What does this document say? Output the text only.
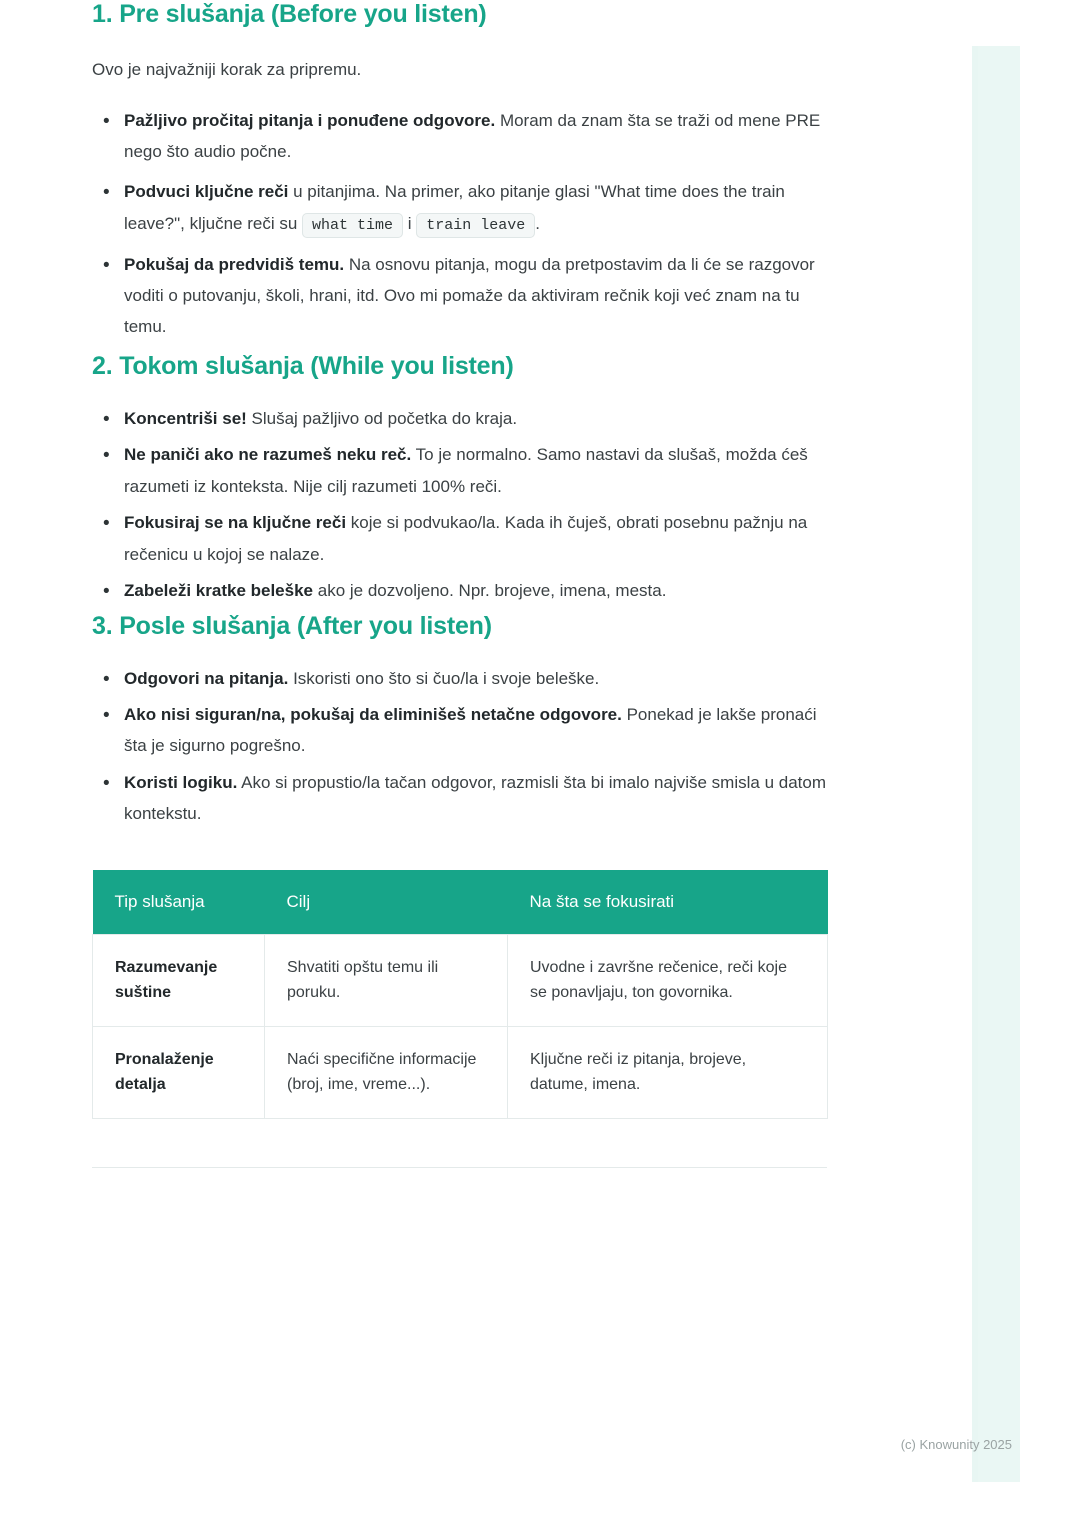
1. Pre slušanja (Before you listen)

Ovo je najvažniji korak za pripremu.

• Pažljivo pročitaj pitanja i ponuđene odgovore. Moram da znam šta se traži od mene PRE nego što audio počne.
• Podvuci ključne reči u pitanjima. Na primer, ako pitanje glasi "What time does the train leave?", ključne reči su what time i train leave .
• Pokušaj da predvidiš temu. Na osnovu pitanja, mogu da pretpostavim da li će se razgovor voditi o putovanju, školi, hrani, itd. Ovo mi pomaže da aktiviram rečnik koji već znam na tu temu.
2. Tokom slušanja (While you listen)
• Koncentriši se! Slušaj pažljivo od početka do kraja.
• Ne paniči ako ne razumeš neku reč. To je normalno. Samo nastavi da slušaš, možda ćeš razumeti iz konteksta. Nije cilj razumeti 100% reči.
• Fokusiraj se na ključne reči koje si podvukao/la. Kada ih čuješ, obrati posebnu pažnju na rečenicu u kojoj se nalaze.
• Zabeleži kratke beleške ako je dozvoljeno. Npr. brojeve, imena, mesta.
3. Posle slušanja (After you listen)
• Odgovori na pitanja. Iskoristi ono što si čuo/la i svoje beleške.
• Ako nisi siguran/na, pokušaj da eliminišeš netačne odgovore. Ponekad je lakše pronaći šta je sigurno pogrešno.
• Koristi logiku. Ako si propustio/la tačan odgovor, razmisli šta bi imalo najviše smisla u datom kontekstu.
Tip slušanja	Cilj	Na šta se fokusirati
Razumevanje suštine	Shvatiti opštu temu ili poruku.	Uvodne i završne rečenice, reči koje se ponavljaju, ton govornika.
Pronalaženje detalja	Naći specifične informacije (broj, ime, vreme...).	Ključne reči iz pitanja, brojeve, datume, imena.
(c) Knowunity 2025
